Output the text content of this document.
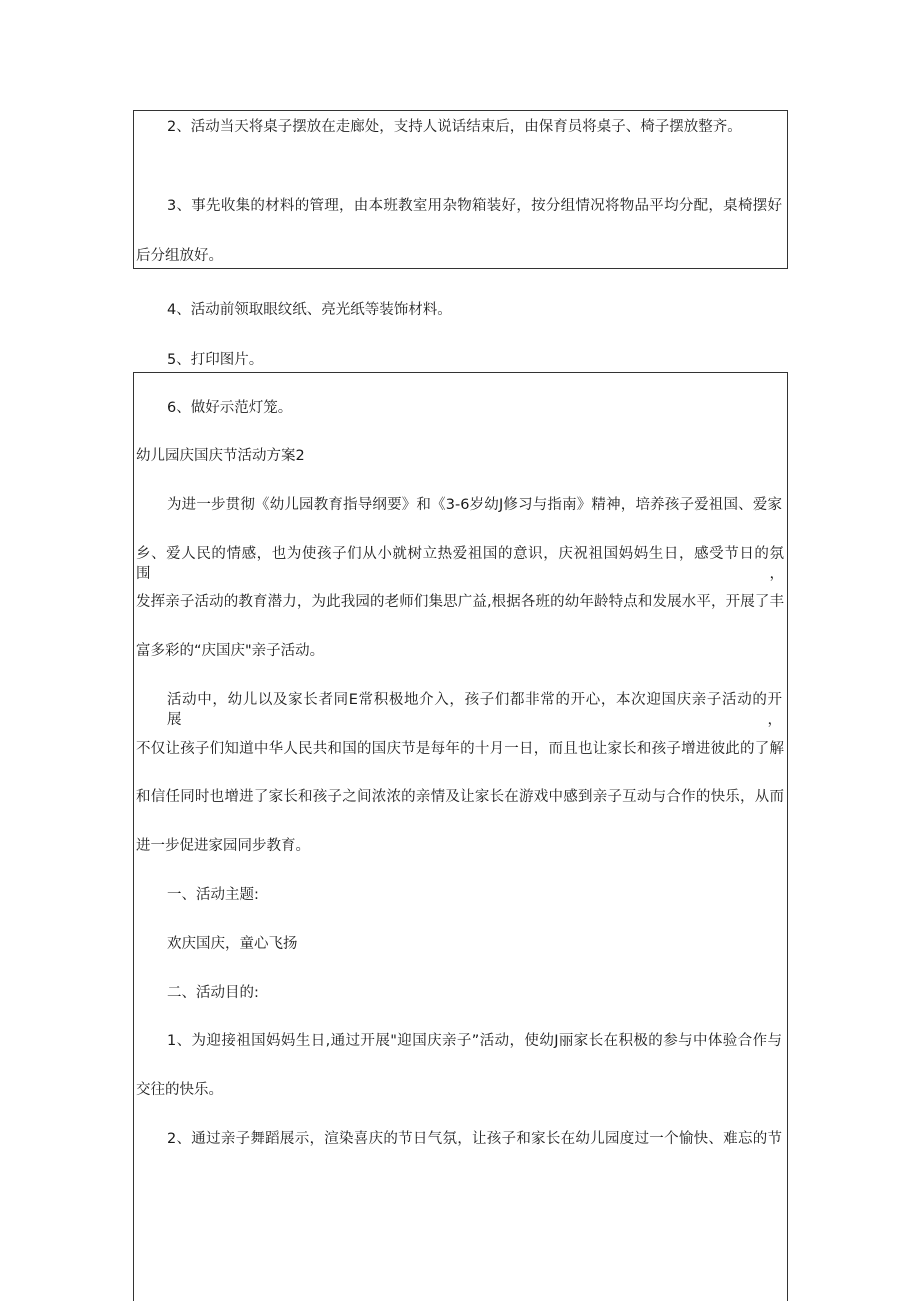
2、活动当天将桌子摆放在走廊处，支持人说话结束后，由保育员将桌子、椅子摆放整齐。

3、事先收集的材料的管理，由本班教室用杂物箱装好，按分组情况将物品平均分配，桌椅摆好

后分组放好。

4、活动前领取眼纹纸、亮光纸等装饰材料。

5、打印图片。

6、做好示范灯笼。

幼儿园庆国庆节活动方案2

为进一步贯彻《幼儿园教育指导纲要》和《3-6岁幼J修习与指南》精神，培养孩子爱祖国、爱家

乡、爱人民的情感，也为使孩子们从小就树立热爱祖国的意识，庆祝祖国妈妈生日，感受节日的氛围，

发挥亲子活动的教育潜力，为此我园的老师们集思广益,根据各班的幼年龄特点和发展水平，开展了丰

富多彩的“庆国庆"亲子活动。

活动中，幼儿以及家长者同E常积极地介入，孩子们都非常的开心，本次迎国庆亲子活动的开展，

不仅让孩子们知道中华人民共和国的国庆节是每年的十月一日，而且也让家长和孩子增进彼此的了解

和信任同时也增进了家长和孩子之间浓浓的亲情及让家长在游戏中感到亲子互动与合作的快乐，从而

进一步促进家园同步教育。

一、活动主题:

欢庆国庆，童心飞扬

二、活动目的:

1、为迎接祖国妈妈生日,通过开展"迎国庆亲子”活动，使幼J丽家长在积极的参与中体验合作与

交往的快乐。

2、通过亲子舞蹈展示，渲染喜庆的节日气氛，让孩子和家长在幼儿园度过一个愉快、难忘的节
